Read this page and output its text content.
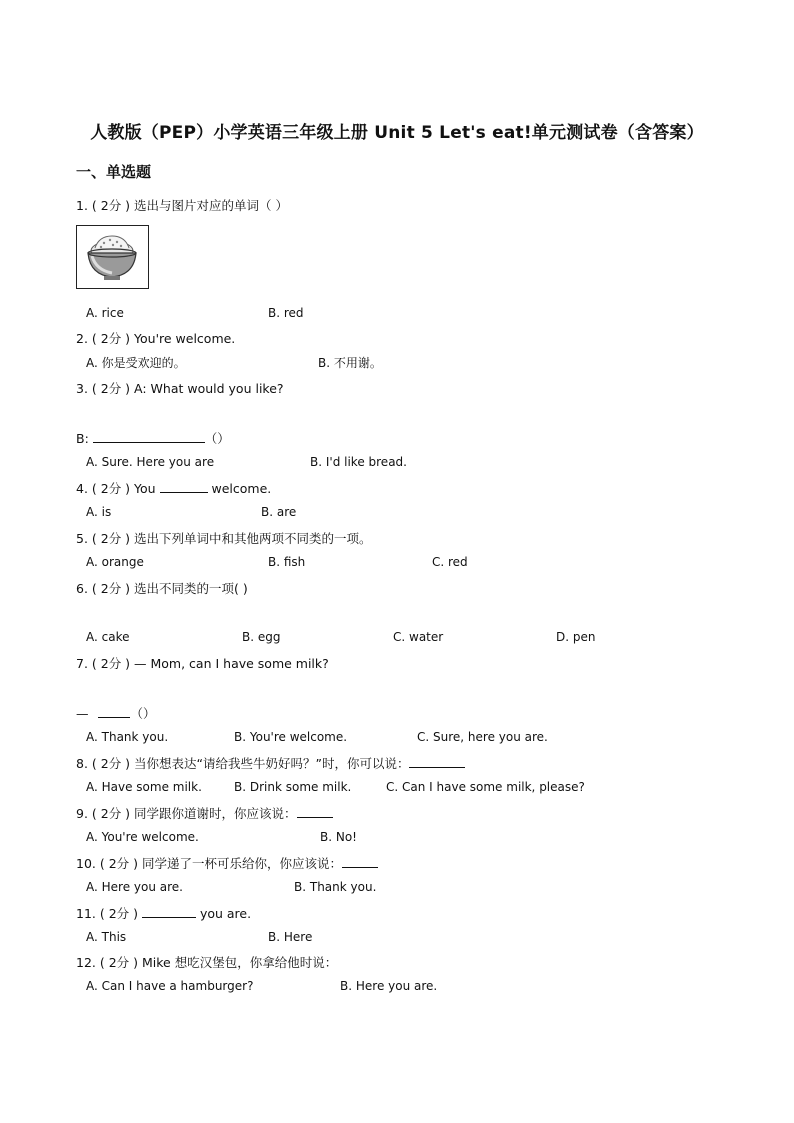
人教版（PEP）小学英语三年级上册 Unit 5 Let's eat!单元测试卷（含答案）
一、单选题
1. ( 2分 ) 选出与图片对应的单词（ ）
A. rice	B. red
2. ( 2分 ) You're welcome.
A. 你是受欢迎的。	B. 不用谢。
3. ( 2分 ) A: What would you like?
B:	（）
A. Sure. Here you are	B. I'd like bread.
4. ( 2分 ) You	welcome.
A. is	B. are
5. ( 2分 ) 选出下列单词中和其他两项不同类的一项。
A. orange	B. fish	C. red
6. ( 2分 ) 选出不同类的一项( )
A. cake	B. egg	C. water	D. pen
7. ( 2分 ) — Mom, can I have some milk?
—	（）
A. Thank you.	B. You're welcome.	C. Sure, here you are.
8. ( 2分 ) 当你想表达“请给我些牛奶好吗？”时，你可以说：
A. Have some milk.	B. Drink some milk.	C. Can I have some milk, please?
9. ( 2分 ) 同学跟你道谢时，你应该说：
A. You're welcome.	B. No!
10. ( 2分 ) 同学递了一杯可乐给你，你应该说：
A. Here you are.	B. Thank you.
11. ( 2分 )	you are.
A. This	B. Here
12. ( 2分 ) Mike 想吃汉堡包，你拿给他时说：
A. Can I have a hamburger?	B. Here you are.
